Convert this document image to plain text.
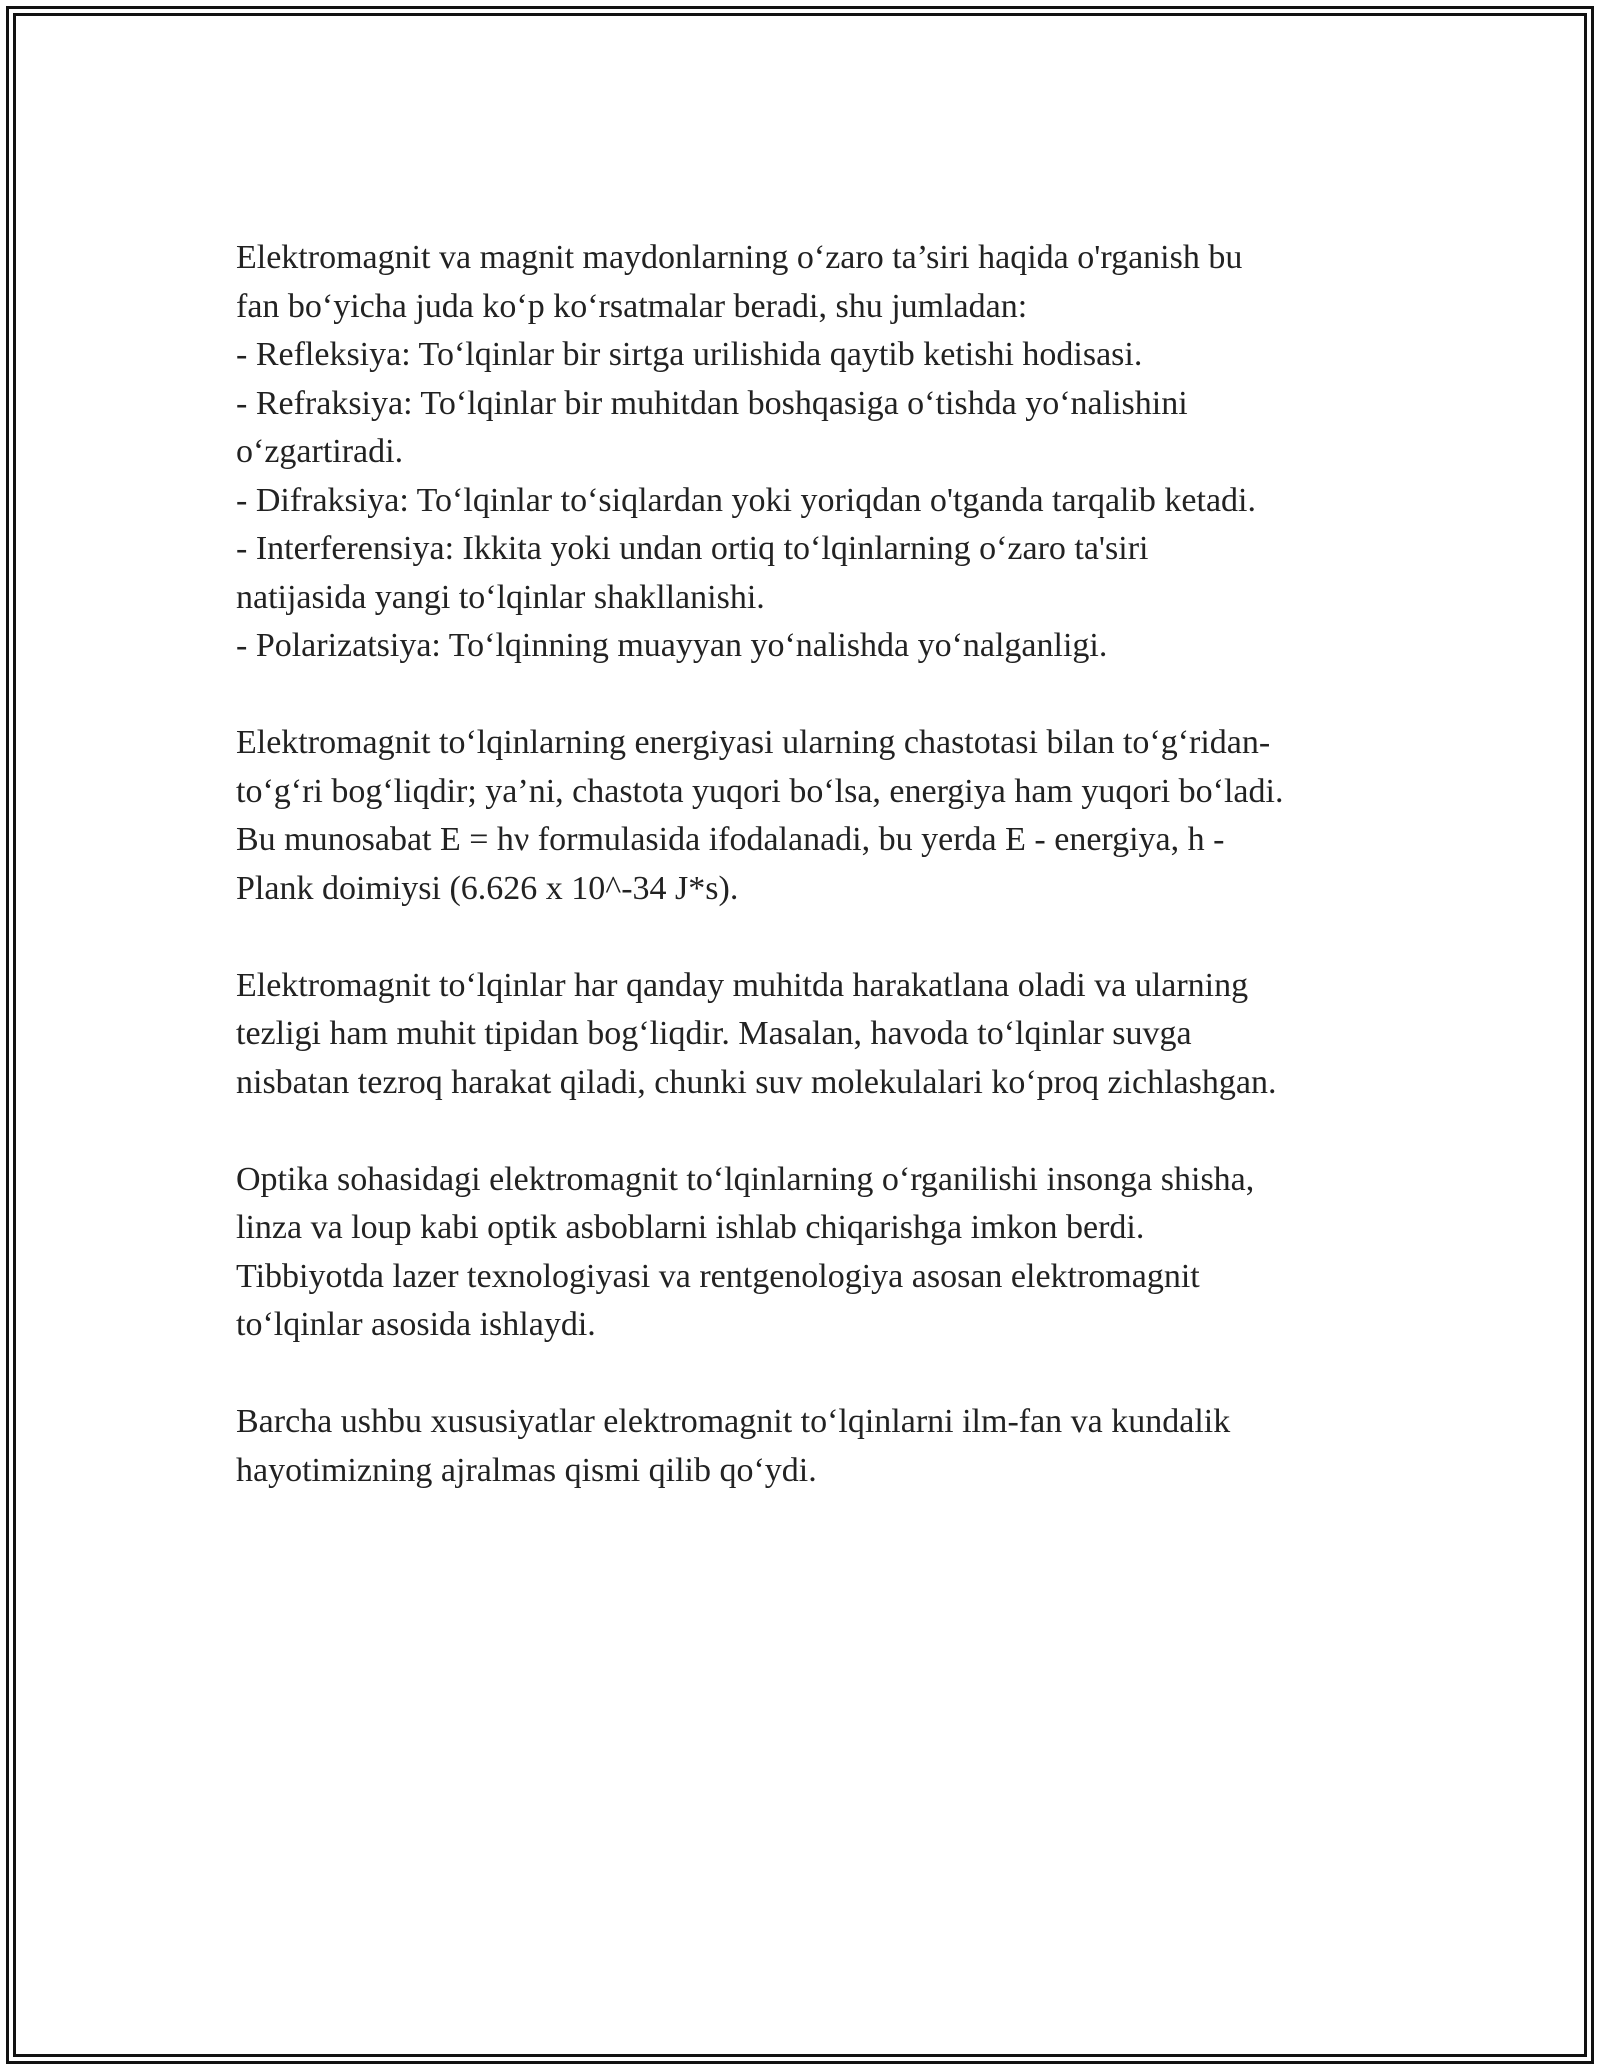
Elektromagnit va magnit maydonlarning o‘zaro ta’siri haqida o'rganish bu
fan bo‘yicha juda ko‘p ko‘rsatmalar beradi, shu jumladan:
- Refleksiya: To‘lqinlar bir sirtga urilishida qaytib ketishi hodisasi.
- Refraksiya: To‘lqinlar bir muhitdan boshqasiga o‘tishda yo‘nalishini
o‘zgartiradi.
- Difraksiya: To‘lqinlar to‘siqlardan yoki yoriqdan o'tganda tarqalib ketadi.
- Interferensiya: Ikkita yoki undan ortiq to‘lqinlarning o‘zaro ta'siri
natijasida yangi to‘lqinlar shakllanishi.
- Polarizatsiya: To‘lqinning muayyan yo‘nalishda yo‘nalganligi.

Elektromagnit to‘lqinlarning energiyasi ularning chastotasi bilan to‘g‘ridan-
to‘g‘ri bog‘liqdir; ya’ni, chastota yuqori bo‘lsa, energiya ham yuqori bo‘ladi.
Bu munosabat E = hν formulasida ifodalanadi, bu yerda E - energiya, h -
Plank doimiysi (6.626 x 10^-34 J*s).

Elektromagnit to‘lqinlar har qanday muhitda harakatlana oladi va ularning
tezligi ham muhit tipidan bog‘liqdir. Masalan, havoda to‘lqinlar suvga
nisbatan tezroq harakat qiladi, chunki suv molekulalari ko‘proq zichlashgan.

Optika sohasidagi elektromagnit to‘lqinlarning o‘rganilishi insonga shisha,
linza va loup kabi optik asboblarni ishlab chiqarishga imkon berdi.
Tibbiyotda lazer texnologiyasi va rentgenologiya asosan elektromagnit
to‘lqinlar asosida ishlaydi.

Barcha ushbu xususiyatlar elektromagnit to‘lqinlarni ilm-fan va kundalik
hayotimizning ajralmas qismi qilib qo‘ydi.
